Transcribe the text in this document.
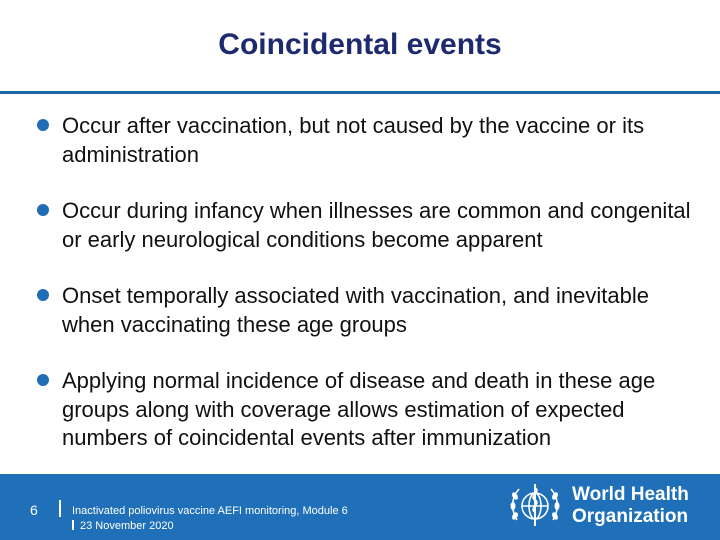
Coincidental events
Occur after vaccination, but not caused by the vaccine or its administration
Occur during infancy when illnesses are common and congenital or early neurological conditions become apparent
Onset temporally associated with vaccination, and inevitable when vaccinating these age groups
Applying normal incidence of disease and death in these age groups along with coverage allows estimation of expected numbers of coincidental events after immunization
6	Inactivated poliovirus vaccine AEFI monitoring, Module 6
23 November 2020
World Health
Organization
